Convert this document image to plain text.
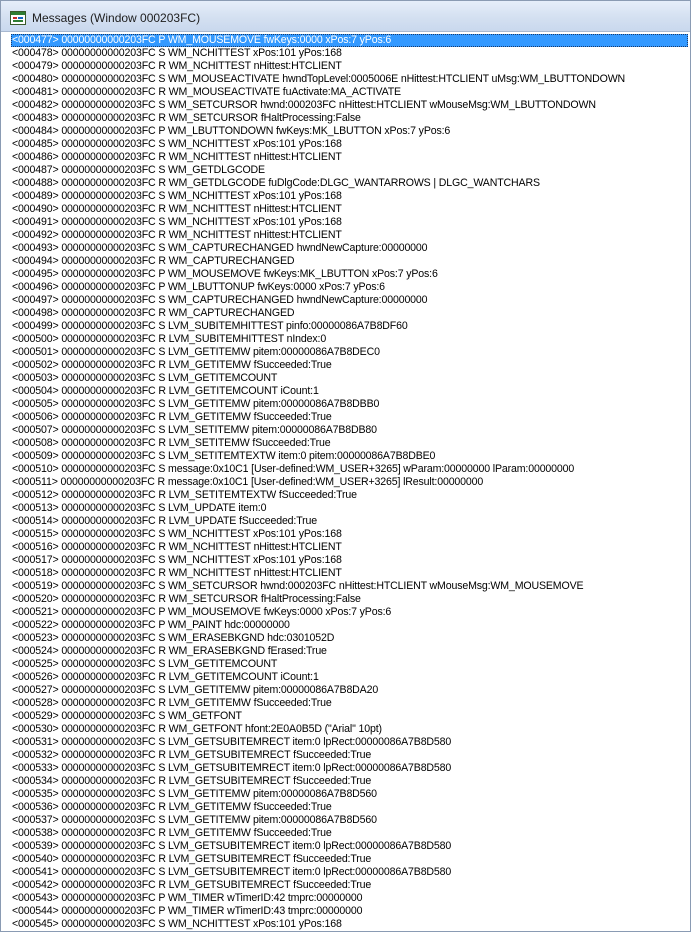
Messages (Window 000203FC)
<000477> 00000000000203FC P WM_MOUSEMOVE fwKeys:0000 xPos:7 yPos:6
<000478> 00000000000203FC S WM_NCHITTEST xPos:101 yPos:168
<000479> 00000000000203FC R WM_NCHITTEST nHittest:HTCLIENT
<000480> 00000000000203FC S WM_MOUSEACTIVATE hwndTopLevel:0005006E nHittest:HTCLIENT uMsg:WM_LBUTTONDOWN
<000481> 00000000000203FC R WM_MOUSEACTIVATE fuActivate:MA_ACTIVATE
<000482> 00000000000203FC S WM_SETCURSOR hwnd:000203FC nHittest:HTCLIENT wMouseMsg:WM_LBUTTONDOWN
<000483> 00000000000203FC R WM_SETCURSOR fHaltProcessing:False
<000484> 00000000000203FC P WM_LBUTTONDOWN fwKeys:MK_LBUTTON xPos:7 yPos:6
<000485> 00000000000203FC S WM_NCHITTEST xPos:101 yPos:168
<000486> 00000000000203FC R WM_NCHITTEST nHittest:HTCLIENT
<000487> 00000000000203FC S WM_GETDLGCODE
<000488> 00000000000203FC R WM_GETDLGCODE fuDlgCode:DLGC_WANTARROWS | DLGC_WANTCHARS
<000489> 00000000000203FC S WM_NCHITTEST xPos:101 yPos:168
<000490> 00000000000203FC R WM_NCHITTEST nHittest:HTCLIENT
<000491> 00000000000203FC S WM_NCHITTEST xPos:101 yPos:168
<000492> 00000000000203FC R WM_NCHITTEST nHittest:HTCLIENT
<000493> 00000000000203FC S WM_CAPTURECHANGED hwndNewCapture:00000000
<000494> 00000000000203FC R WM_CAPTURECHANGED
<000495> 00000000000203FC P WM_MOUSEMOVE fwKeys:MK_LBUTTON xPos:7 yPos:6
<000496> 00000000000203FC P WM_LBUTTONUP fwKeys:0000 xPos:7 yPos:6
<000497> 00000000000203FC S WM_CAPTURECHANGED hwndNewCapture:00000000
<000498> 00000000000203FC R WM_CAPTURECHANGED
<000499> 00000000000203FC S LVM_SUBITEMHITTEST pinfo:00000086A7B8DF60
<000500> 00000000000203FC R LVM_SUBITEMHITTEST nIndex:0
<000501> 00000000000203FC S LVM_GETITEMW pitem:00000086A7B8DEC0
<000502> 00000000000203FC R LVM_GETITEMW fSucceeded:True
<000503> 00000000000203FC S LVM_GETITEMCOUNT
<000504> 00000000000203FC R LVM_GETITEMCOUNT iCount:1
<000505> 00000000000203FC S LVM_GETITEMW pitem:00000086A7B8DBB0
<000506> 00000000000203FC R LVM_GETITEMW fSucceeded:True
<000507> 00000000000203FC S LVM_SETITEMW pitem:00000086A7B8DB80
<000508> 00000000000203FC R LVM_SETITEMW fSucceeded:True
<000509> 00000000000203FC S LVM_SETITEMTEXTW item:0 pitem:00000086A7B8DBE0
<000510> 00000000000203FC S message:0x10C1 [User-defined:WM_USER+3265] wParam:00000000 lParam:00000000
<000511> 00000000000203FC R message:0x10C1 [User-defined:WM_USER+3265] lResult:00000000
<000512> 00000000000203FC R LVM_SETITEMTEXTW fSucceeded:True
<000513> 00000000000203FC S LVM_UPDATE item:0
<000514> 00000000000203FC R LVM_UPDATE fSucceeded:True
<000515> 00000000000203FC S WM_NCHITTEST xPos:101 yPos:168
<000516> 00000000000203FC R WM_NCHITTEST nHittest:HTCLIENT
<000517> 00000000000203FC S WM_NCHITTEST xPos:101 yPos:168
<000518> 00000000000203FC R WM_NCHITTEST nHittest:HTCLIENT
<000519> 00000000000203FC S WM_SETCURSOR hwnd:000203FC nHittest:HTCLIENT wMouseMsg:WM_MOUSEMOVE
<000520> 00000000000203FC R WM_SETCURSOR fHaltProcessing:False
<000521> 00000000000203FC P WM_MOUSEMOVE fwKeys:0000 xPos:7 yPos:6
<000522> 00000000000203FC P WM_PAINT hdc:00000000
<000523> 00000000000203FC S WM_ERASEBKGND hdc:0301052D
<000524> 00000000000203FC R WM_ERASEBKGND fErased:True
<000525> 00000000000203FC S LVM_GETITEMCOUNT
<000526> 00000000000203FC R LVM_GETITEMCOUNT iCount:1
<000527> 00000000000203FC S LVM_GETITEMW pitem:00000086A7B8DA20
<000528> 00000000000203FC R LVM_GETITEMW fSucceeded:True
<000529> 00000000000203FC S WM_GETFONT
<000530> 00000000000203FC R WM_GETFONT hfont:2E0A0B5D ("Arial" 10pt)
<000531> 00000000000203FC S LVM_GETSUBITEMRECT item:0 lpRect:00000086A7B8D580
<000532> 00000000000203FC R LVM_GETSUBITEMRECT fSucceeded:True
<000533> 00000000000203FC S LVM_GETSUBITEMRECT item:0 lpRect:00000086A7B8D580
<000534> 00000000000203FC R LVM_GETSUBITEMRECT fSucceeded:True
<000535> 00000000000203FC S LVM_GETITEMW pitem:00000086A7B8D560
<000536> 00000000000203FC R LVM_GETITEMW fSucceeded:True
<000537> 00000000000203FC S LVM_GETITEMW pitem:00000086A7B8D560
<000538> 00000000000203FC R LVM_GETITEMW fSucceeded:True
<000539> 00000000000203FC S LVM_GETSUBITEMRECT item:0 lpRect:00000086A7B8D580
<000540> 00000000000203FC R LVM_GETSUBITEMRECT fSucceeded:True
<000541> 00000000000203FC S LVM_GETSUBITEMRECT item:0 lpRect:00000086A7B8D580
<000542> 00000000000203FC R LVM_GETSUBITEMRECT fSucceeded:True
<000543> 00000000000203FC P WM_TIMER wTimerID:42 tmprc:00000000
<000544> 00000000000203FC P WM_TIMER wTimerID:43 tmprc:00000000
<000545> 00000000000203FC S WM_NCHITTEST xPos:101 yPos:168
